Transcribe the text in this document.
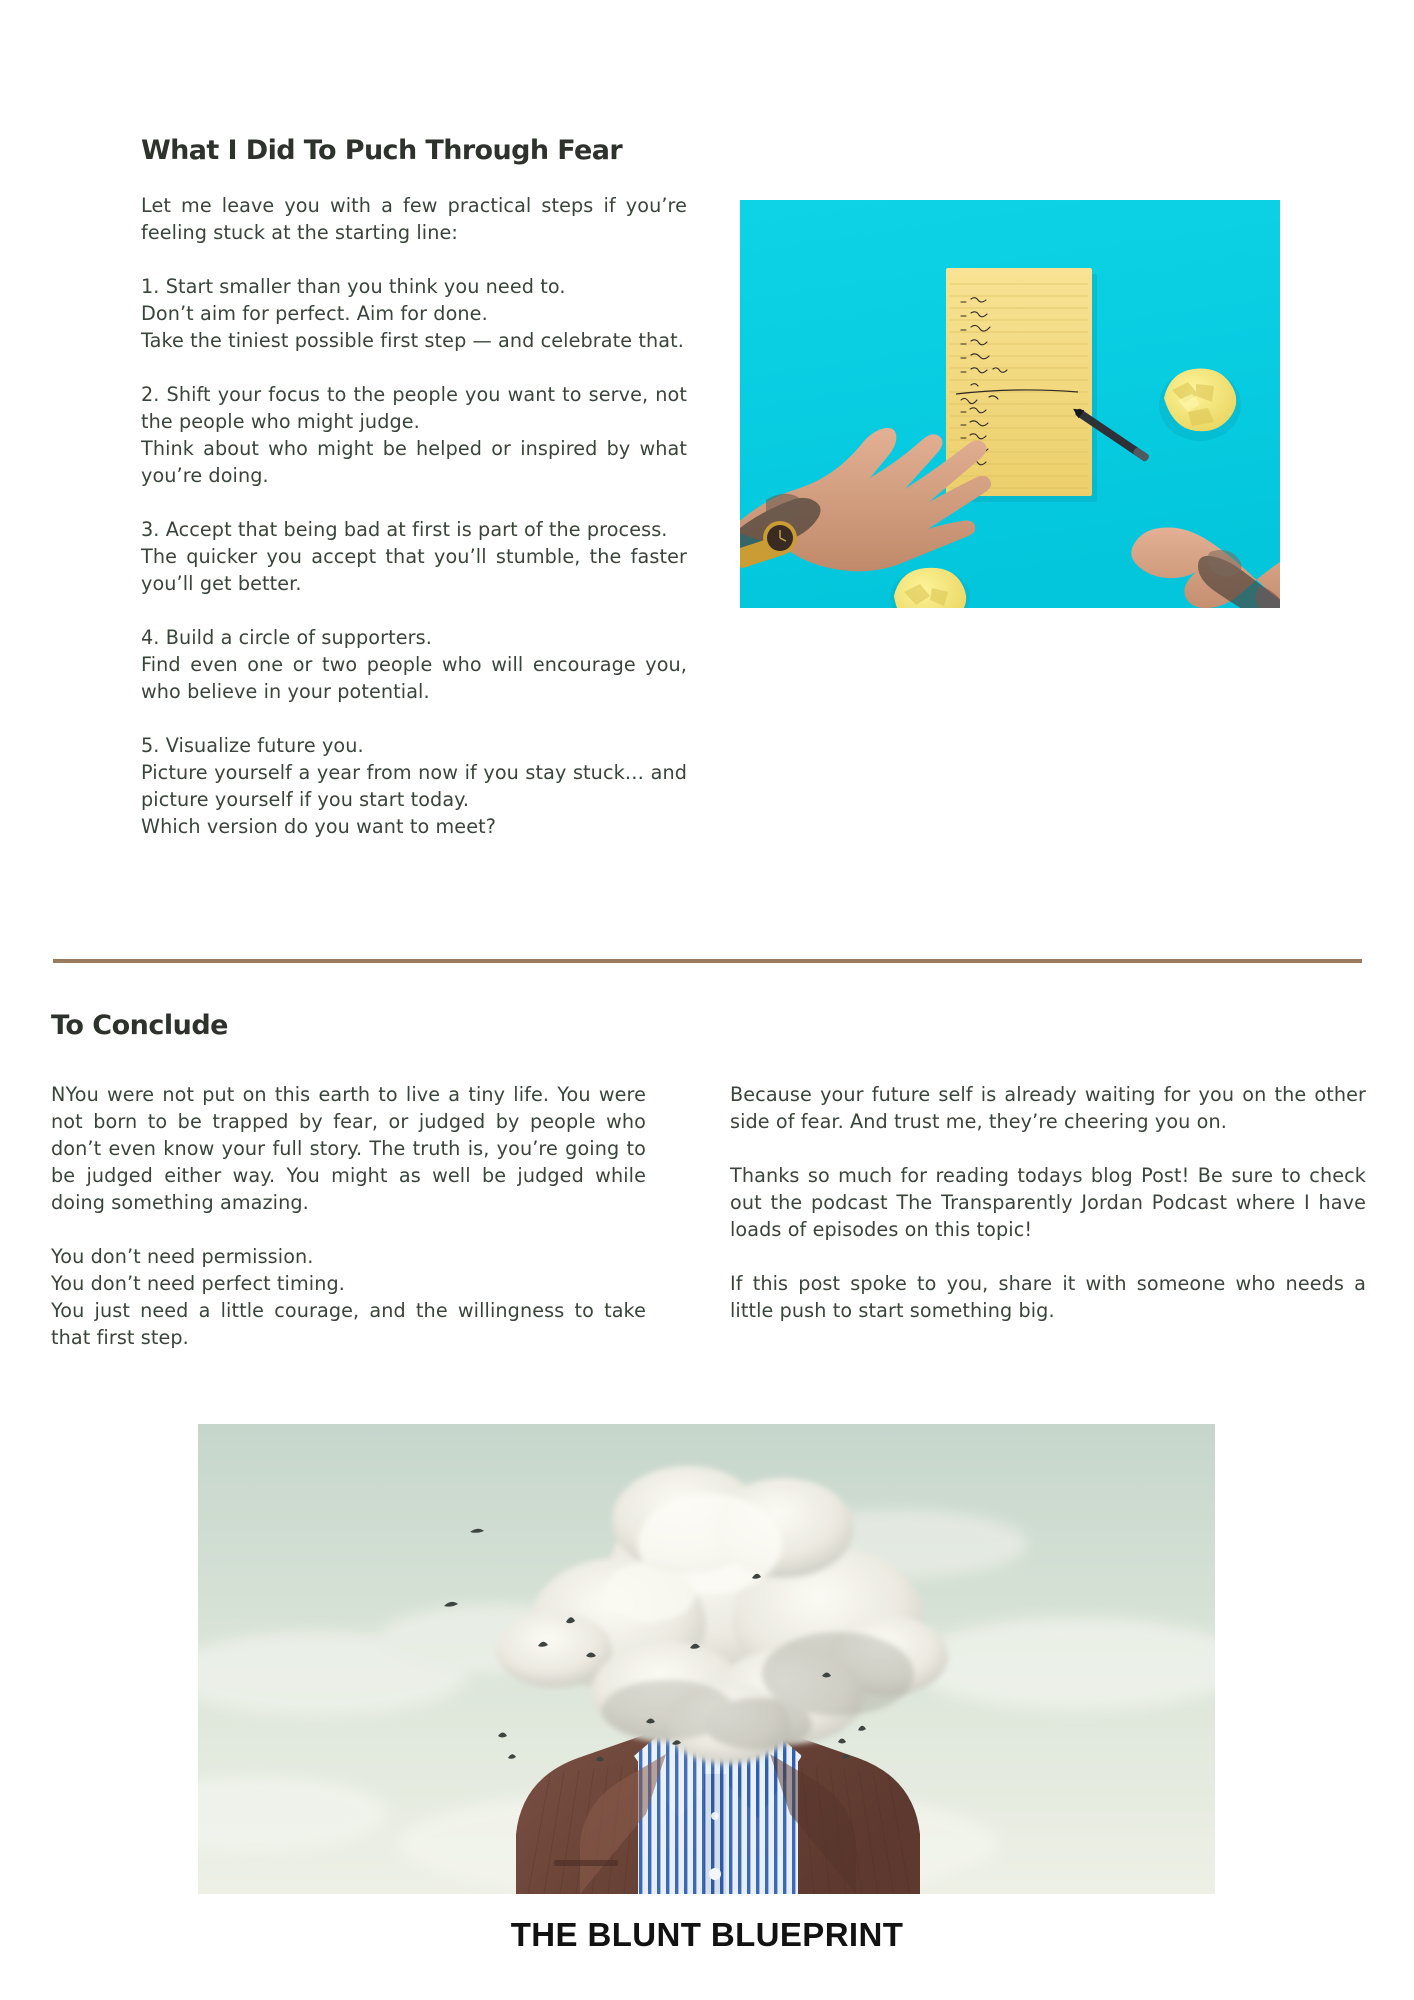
What I Did To Puch Through Fear

Let me leave you with a few practical steps if you’re feeling stuck at the starting line:

1. Start smaller than you think you need to.
Don’t aim for perfect. Aim for done.
Take the tiniest possible first step — and celebrate that.

2. Shift your focus to the people you want to serve, not the people who might judge.
Think about who might be helped or inspired by what you’re doing.

3. Accept that being bad at first is part of the process.
The quicker you accept that you’ll stumble, the faster you’ll get better.

4. Build a circle of supporters.
Find even one or two people who will encourage you, who believe in your potential.

5. Visualize future you.
Picture yourself a year from now if you stay stuck… and picture yourself if you start today.
Which version do you want to meet?

To Conclude

NYou were not put on this earth to live a tiny life. You were not born to be trapped by fear, or judged by people who don’t even know your full story. The truth is, you’re going to be judged either way. You might as well be judged while doing something amazing.

You don’t need permission.
You don’t need perfect timing.
You just need a little courage, and the willingness to take that first step.

Because your future self is already waiting for you on the other side of fear. And trust me, they’re cheering you on.

Thanks so much for reading todays blog Post! Be sure to check out the podcast The Transparently Jordan Podcast where I have loads of episodes on this topic!

If this post spoke to you, share it with someone who needs a little push to start something big.

THE BLUNT BLUEPRINT
